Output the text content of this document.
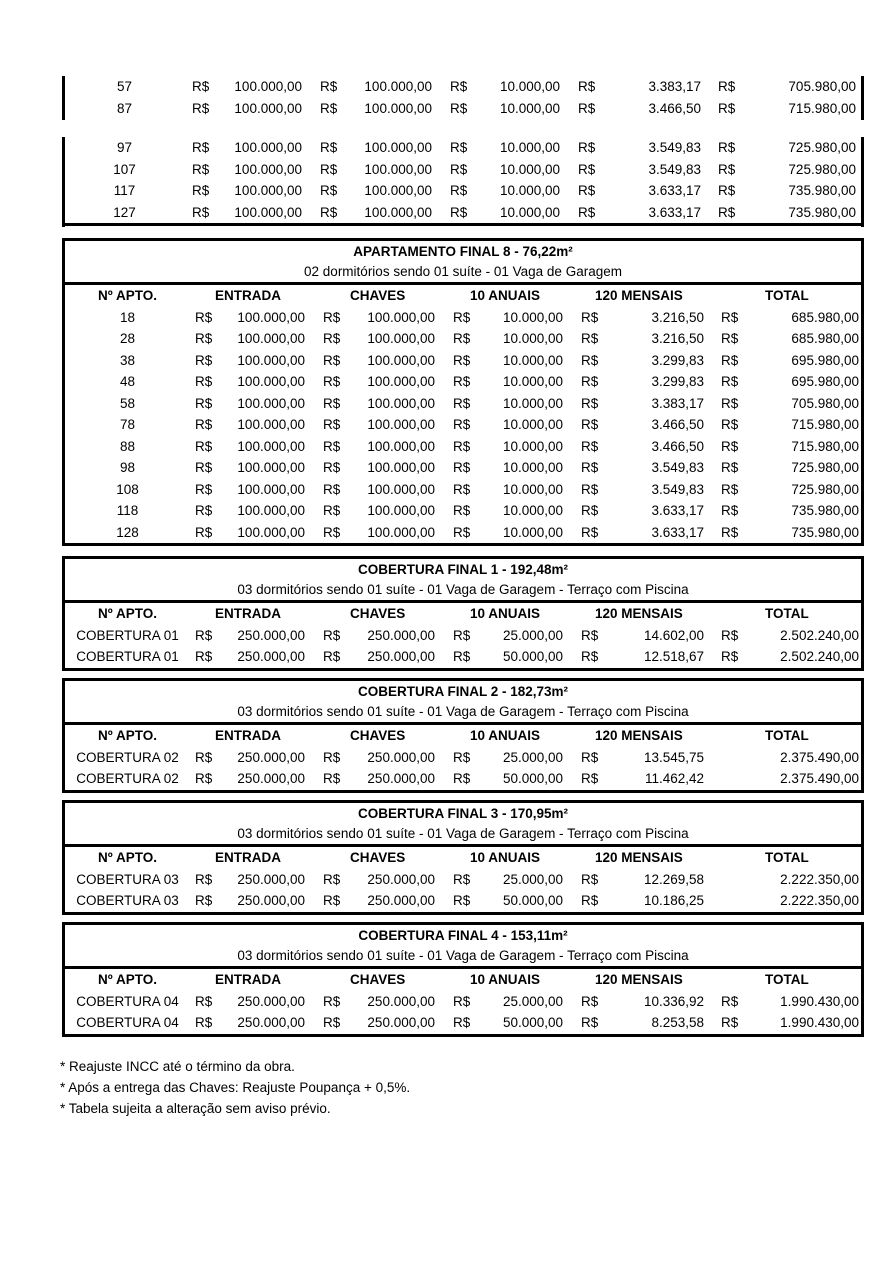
57	R$	100.000,00 R$	100.000,00 R$	10.000,00 R$	3.383,17 R$	705.980,00
87	R$	100.000,00 R$	100.000,00 R$	10.000,00 R$	3.466,50 R$	715.980,00
97	R$	100.000,00 R$	100.000,00 R$	10.000,00 R$	3.549,83 R$	725.980,00
107	R$	100.000,00 R$	100.000,00 R$	10.000,00 R$	3.549,83 R$	725.980,00
117	R$	100.000,00 R$	100.000,00 R$	10.000,00 R$	3.633,17 R$	735.980,00
127	R$	100.000,00 R$	100.000,00 R$	10.000,00 R$	3.633,17 R$	735.980,00
APARTAMENTO FINAL 8 - 76,22m²
02 dormitórios sendo 01 suíte - 01 Vaga de Garagem
Nº APTO.	ENTRADA	CHAVES	10 ANUAIS	120 MENSAIS	TOTAL
18	R$	100.000,00 R$	100.000,00 R$	10.000,00 R$	3.216,50 R$	685.980,00
28	R$	100.000,00 R$	100.000,00 R$	10.000,00 R$	3.216,50 R$	685.980,00
38	R$	100.000,00 R$	100.000,00 R$	10.000,00 R$	3.299,83 R$	695.980,00
48	R$	100.000,00 R$	100.000,00 R$	10.000,00 R$	3.299,83 R$	695.980,00
58	R$	100.000,00 R$	100.000,00 R$	10.000,00 R$	3.383,17 R$	705.980,00
78	R$	100.000,00 R$	100.000,00 R$	10.000,00 R$	3.466,50 R$	715.980,00
88	R$	100.000,00 R$	100.000,00 R$	10.000,00 R$	3.466,50 R$	715.980,00
98	R$	100.000,00 R$	100.000,00 R$	10.000,00 R$	3.549,83 R$	725.980,00
108	R$	100.000,00 R$	100.000,00 R$	10.000,00 R$	3.549,83 R$	725.980,00
118	R$	100.000,00 R$	100.000,00 R$	10.000,00 R$	3.633,17 R$	735.980,00
128	R$	100.000,00 R$	100.000,00 R$	10.000,00 R$	3.633,17 R$	735.980,00
COBERTURA FINAL 1 - 192,48m²
03 dormitórios sendo 01 suíte - 01 Vaga de Garagem - Terraço com Piscina
Nº APTO.	ENTRADA	CHAVES	10 ANUAIS	120 MENSAIS	TOTAL
COBERTURA 01	R$	250.000,00 R$	250.000,00 R$	25.000,00 R$	14.602,00 R$	2.502.240,00
COBERTURA 01	R$	250.000,00 R$	250.000,00 R$	50.000,00 R$	12.518,67 R$	2.502.240,00
COBERTURA FINAL 2 - 182,73m²
03 dormitórios sendo 01 suíte - 01 Vaga de Garagem - Terraço com Piscina
Nº APTO.	ENTRADA	CHAVES	10 ANUAIS	120 MENSAIS	TOTAL
COBERTURA 02	R$	250.000,00 R$	250.000,00 R$	25.000,00 R$	13.545,75	2.375.490,00
COBERTURA 02	R$	250.000,00 R$	250.000,00 R$	50.000,00 R$	11.462,42	2.375.490,00
COBERTURA FINAL 3 - 170,95m²
03 dormitórios sendo 01 suíte - 01 Vaga de Garagem - Terraço com Piscina
Nº APTO.	ENTRADA	CHAVES	10 ANUAIS	120 MENSAIS	TOTAL
COBERTURA 03	R$	250.000,00 R$	250.000,00 R$	25.000,00 R$	12.269,58	2.222.350,00
COBERTURA 03	R$	250.000,00 R$	250.000,00 R$	50.000,00 R$	10.186,25	2.222.350,00
COBERTURA FINAL 4 - 153,11m²
03 dormitórios sendo 01 suíte - 01 Vaga de Garagem - Terraço com Piscina
Nº APTO.	ENTRADA	CHAVES	10 ANUAIS	120 MENSAIS	TOTAL
COBERTURA 04	R$	250.000,00 R$	250.000,00 R$	25.000,00 R$	10.336,92 R$	1.990.430,00
COBERTURA 04	R$	250.000,00 R$	250.000,00 R$	50.000,00 R$	8.253,58 R$	1.990.430,00
* Reajuste INCC até o término da obra.
* Após a entrega das Chaves: Reajuste Poupança + 0,5%.
* Tabela sujeita a alteração sem aviso prévio.
